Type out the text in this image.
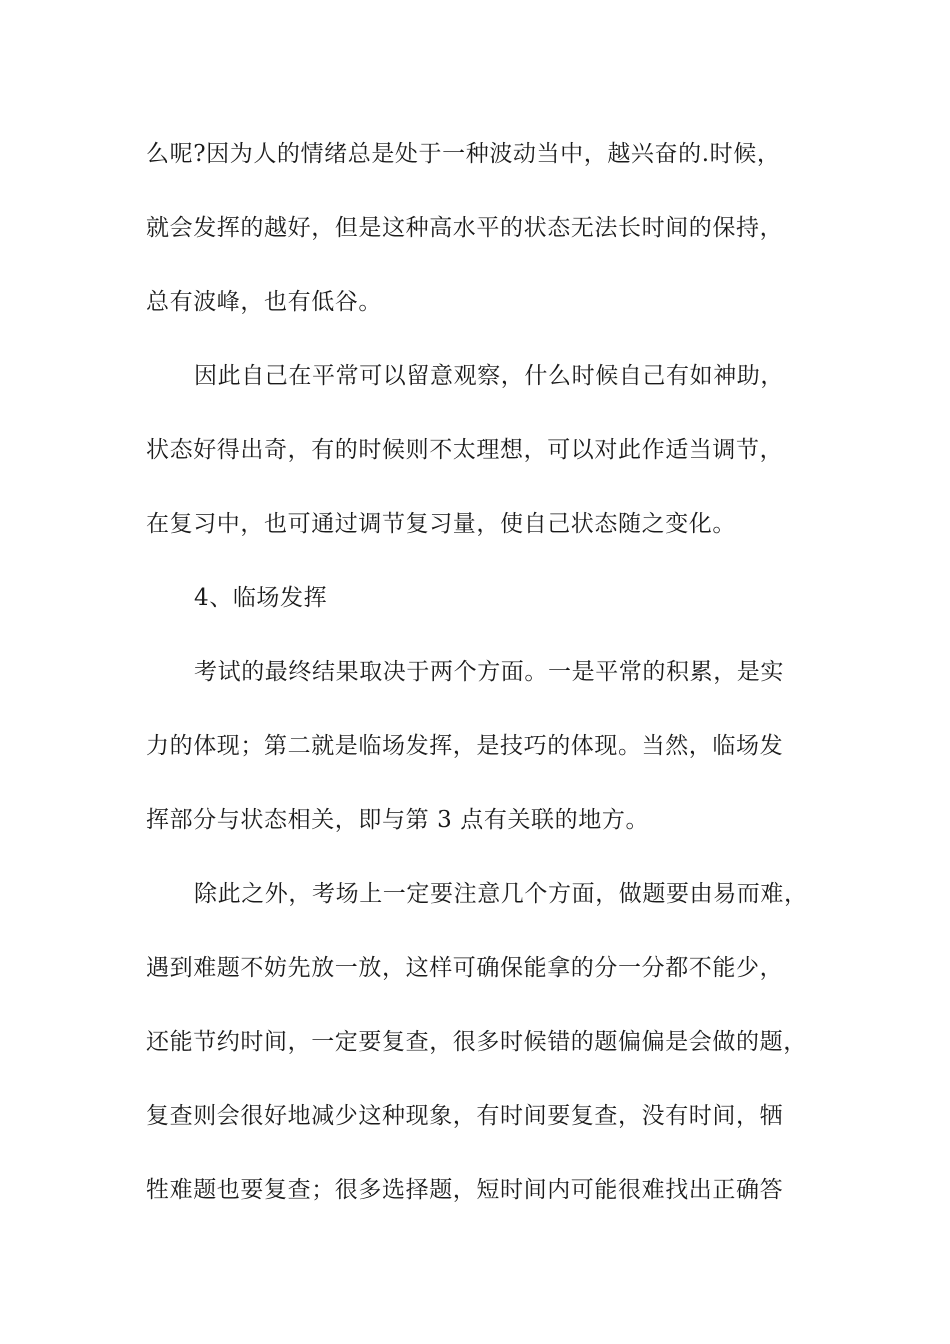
么呢?因为人的情绪总是处于一种波动当中，越兴奋的.时候，
就会发挥的越好，但是这种高水平的状态无法长时间的保持，
总有波峰，也有低谷。
因此自己在平常可以留意观察，什么时候自己有如神助，
状态好得出奇，有的时候则不太理想，可以对此作适当调节，
在复习中，也可通过调节复习量，使自己状态随之变化。
4、临场发挥
考试的最终结果取决于两个方面。一是平常的积累，是实
力的体现；第二就是临场发挥，是技巧的体现。当然，临场发
挥部分与状态相关，即与第 3 点有关联的地方。
除此之外，考场上一定要注意几个方面，做题要由易而难，
遇到难题不妨先放一放，这样可确保能拿的分一分都不能少，
还能节约时间，一定要复查，很多时候错的题偏偏是会做的题，
复查则会很好地减少这种现象，有时间要复查，没有时间，牺
牲难题也要复查；很多选择题，短时间内可能很难找出正确答
